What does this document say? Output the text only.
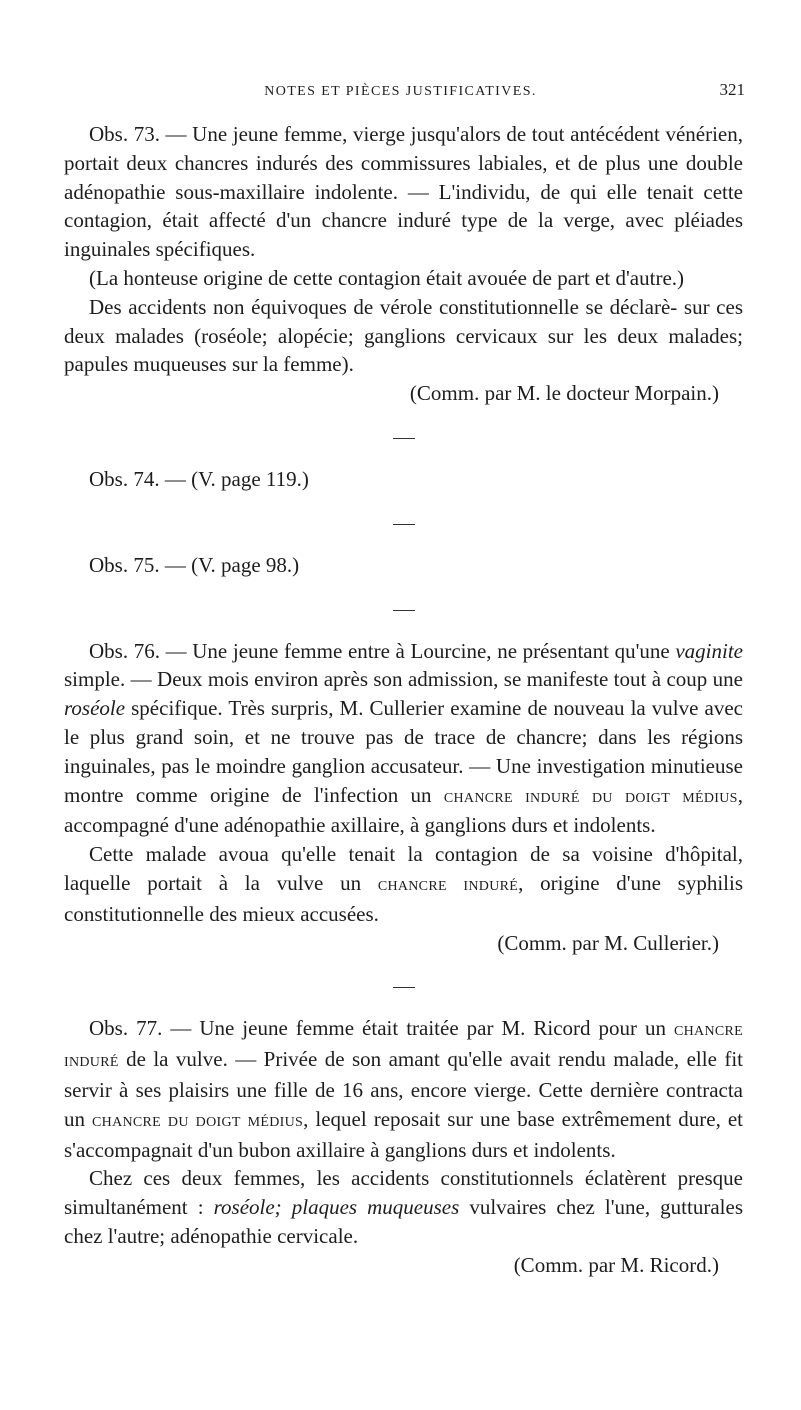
NOTES ET PIÈCES JUSTIFICATIVES.	321

Obs. 73. — Une jeune femme, vierge jusqu'alors de tout antécédent vénérien, portait deux chancres indurés des commissures labiales, et de plus une double adénopathie sous-maxillaire indolente. — L'individu, de qui elle tenait cette contagion, était affecté d'un chancre induré type de la verge, avec pléiades inguinales spécifiques.

(La honteuse origine de cette contagion était avouée de part et d'autre.)

Des accidents non équivoques de vérole constitutionnelle se déclarè- sur ces deux malades (roséole; alopécie; ganglions cervicaux sur les deux malades; papules muqueuses sur la femme).

(Comm. par M. le docteur Morpain.)

Obs. 74. — (V. page 119.)

Obs. 75. — (V. page 98.)

Obs. 76. — Une jeune femme entre à Lourcine, ne présentant qu'une vaginite simple. — Deux mois environ après son admission, se manifeste tout à coup une roséole spécifique. Très surpris, M. Cullerier examine de nouveau la vulve avec le plus grand soin, et ne trouve pas de trace de chancre; dans les régions inguinales, pas le moindre ganglion accusateur. — Une investigation minutieuse montre comme origine de l'infection un chancre induré du doigt médius, accompagné d'une adénopathie axillaire, à ganglions durs et indolents.

Cette malade avoua qu'elle tenait la contagion de sa voisine d'hôpital, laquelle portait à la vulve un chancre induré, origine d'une syphilis constitutionnelle des mieux accusées.

(Comm. par M. Cullerier.)

Obs. 77. — Une jeune femme était traitée par M. Ricord pour un chancre induré de la vulve. — Privée de son amant qu'elle avait rendu malade, elle fit servir à ses plaisirs une fille de 16 ans, encore vierge. Cette dernière contracta un chancre du doigt médius, lequel reposait sur une base extrêmement dure, et s'accompagnait d'un bubon axillaire à ganglions durs et indolents.

Chez ces deux femmes, les accidents constitutionnels éclatèrent presque simultanément : roséole; plaques muqueuses vulvaires chez l'une, gutturales chez l'autre; adénopathie cervicale.

(Comm. par M. Ricord.)
